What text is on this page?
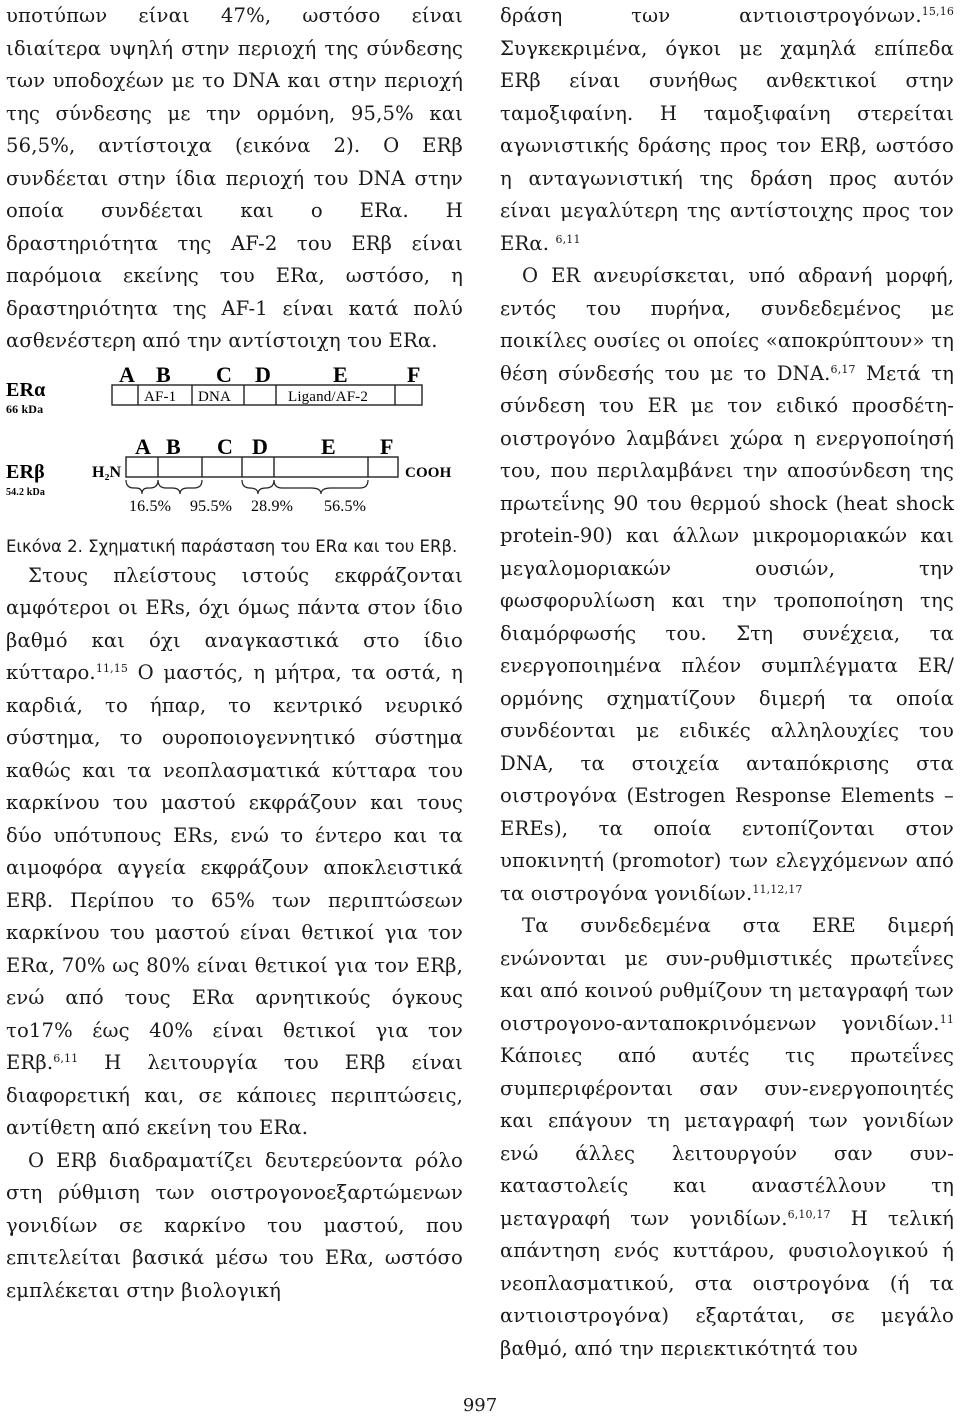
υποτύπων είναι 47%, ωστόσο είναι ιδιαίτερα υψηλή στην περιοχή της σύνδεσης των υποδοχέων με το DNA και στην περιοχή της σύνδεσης με την ορμόνη, 95,5% και 56,5%, αντίστοιχα (εικόνα 2). O ERβ συνδέεται στην ίδια περιοχή του DNA στην οποία συνδέεται και ο ERα. Η δραστηριότητα της AF-2 του ERβ είναι παρόμοια εκείνης του ERα, ωστόσο, η δραστηριότητα της AF-1 είναι κατά πολύ ασθενέστερη από την αντίστοιχη του ERα.

ERα
66 kDa
A B C D	E	F
AF-1 DNA	Ligand/AF-2
ERβ
54.2 kDa
A B C D E F
H₂N	COOH
16.5% 95.5% 28.9% 56.5%

Εικόνα 2. Σχηματική παράσταση του ERα και του ERβ.

Στους πλείστους ιστούς εκφράζονται αμφότεροι οι ERs, όχι όμως πάντα στον ίδιο βαθμό και όχι αναγκαστικά στο ίδιο κύτταρο.$^{11,15}$ Ο μαστός, η μήτρα, τα οστά, η καρδιά, το ήπαρ, το κεντρικό νευρικό σύστημα, το ουροποιογεννητικό σύστημα καθώς και τα νεοπλασματικά κύτταρα του καρκίνου του μαστού εκφράζουν και τους δύο υπότυπους ERs, ενώ το έντερο και τα αιμοφόρα αγγεία εκφράζουν αποκλειστικά ERβ. Περίπου το 65% των περιπτώσεων καρκίνου του μαστού είναι θετικοί για τον ERα, 70% ως 80% είναι θετικοί για τον ERβ, ενώ από τους ERα αρνητικούς όγκους το17% έως 40% είναι θετικοί για τον ERβ.$^{6,11}$ Η λειτουργία του ERβ είναι διαφορετική και, σε κάποιες περιπτώσεις, αντίθετη από εκείνη του ERα.

Ο ERβ διαδραματίζει δευτερεύοντα ρόλο στη ρύθμιση των οιστρογονοεξαρτώμενων γονιδίων σε καρκίνο του μαστού, που επιτελείται βασικά μέσω του ERα, ωστόσο εμπλέκεται στην βιολογική

δράση των αντιοιστρογόνων.$^{15,16}$ Συγκεκριμένα, όγκοι με χαμηλά επίπεδα ERβ είναι συνήθως ανθεκτικοί στην ταμοξιφαίνη. Η ταμοξιφαίνη στερείται αγωνιστικής δράσης προς τον ERβ, ωστόσο η ανταγωνιστική της δράση προς αυτόν είναι μεγαλύτερη της αντίστοιχης προς τον ERα. $^{6,11}$

Ο ER ανευρίσκεται, υπό αδρανή μορφή, εντός του πυρήνα, συνδεδεμένος με ποικίλες ουσίες οι οποίες «αποκρύπτουν» τη θέση σύνδεσής του με το DNA.$^{6,17}$ Μετά τη σύνδεση του ER με τον ειδικό προσδέτη-οιστρογόνο λαμβάνει χώρα η ενεργοποίησή του, που περιλαμβάνει την αποσύνδεση της πρωτεΐνης 90 του θερμού shock (heat shock protein-90) και άλλων μικρομοριακών και μεγαλομοριακών ουσιών, την φωσφορυλίωση και την τροποποίηση της διαμόρφωσής του. Στη συνέχεια, τα ενεργοποιημένα πλέον συμπλέγματα ER/ορμόνης σχηματίζουν διμερή τα οποία συνδέονται με ειδικές αλληλουχίες του DNA, τα στοιχεία ανταπόκρισης στα οιστρογόνα (Estrogen Response Elements – EREs), τα οποία εντοπίζονται στον υποκινητή (promotor) των ελεγχόμενων από τα οιστρογόνα γονιδίων.$^{11,12,17}$

Τα συνδεδεμένα στα ERE διμερή ενώνονται με συν-ρυθμιστικές πρωτεΐνες και από κοινού ρυθμίζουν τη μεταγραφή των οιστρογονο-ανταποκρινόμενων γονιδίων.$^{11}$ Κάποιες από αυτές τις πρωτεΐνες συμπεριφέρονται σαν συν-ενεργοποιητές και επάγουν τη μεταγραφή των γονιδίων ενώ άλλες λειτουργούν σαν συν-καταστολείς και αναστέλλουν τη μεταγραφή των γονιδίων.$^{6,10,17}$ Η τελική απάντηση ενός κυττάρου, φυσιολογικού ή νεοπλασματικού, στα οιστρογόνα (ή τα αντιοιστρογόνα) εξαρτάται, σε μεγάλο βαθμό, από την περιεκτικότητά του

997
